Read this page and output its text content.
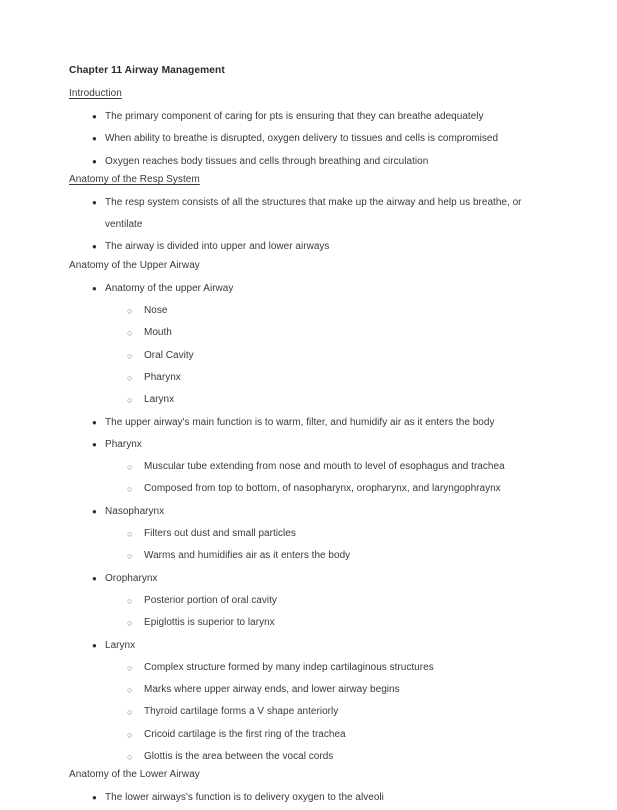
Chapter 11 Airway Management
Introduction
● The primary component of caring for pts is ensuring that they can breathe adequately
● When ability to breathe is disrupted, oxygen delivery to tissues and cells is compromised
● Oxygen reaches body tissues and cells through breathing and circulation
Anatomy of the Resp System
● The resp system consists of all the structures that make up the airway and help us breathe, or ventilate
● The airway is divided into upper and lower airways
Anatomy of the Upper Airway
● Anatomy of the upper Airway
○ Nose
○ Mouth
○ Oral Cavity
○ Pharynx
○ Larynx
● The upper airway's main function is to warm, filter, and humidify air as it enters the body
● Pharynx
○ Muscular tube extending from nose and mouth to level of esophagus and trachea
○ Composed from top to bottom, of nasopharynx, oropharynx, and laryngophraynx
● Nasopharynx
○ Filters out dust and small particles
○ Warms and humidifies air as it enters the body
● Oropharynx
○ Posterior portion of oral cavity
○ Epiglottis is superior to larynx
● Larynx
○ Complex structure formed by many indep cartilaginous structures
○ Marks where upper airway ends, and lower airway begins
○ Thyroid cartilage forms a V shape anteriorly
○ Cricoid cartilage is the first ring of the trachea
○ Glottis is the area between the vocal cords
Anatomy of the Lower Airway
● The lower airways's function is to delivery oxygen to the alveoli
